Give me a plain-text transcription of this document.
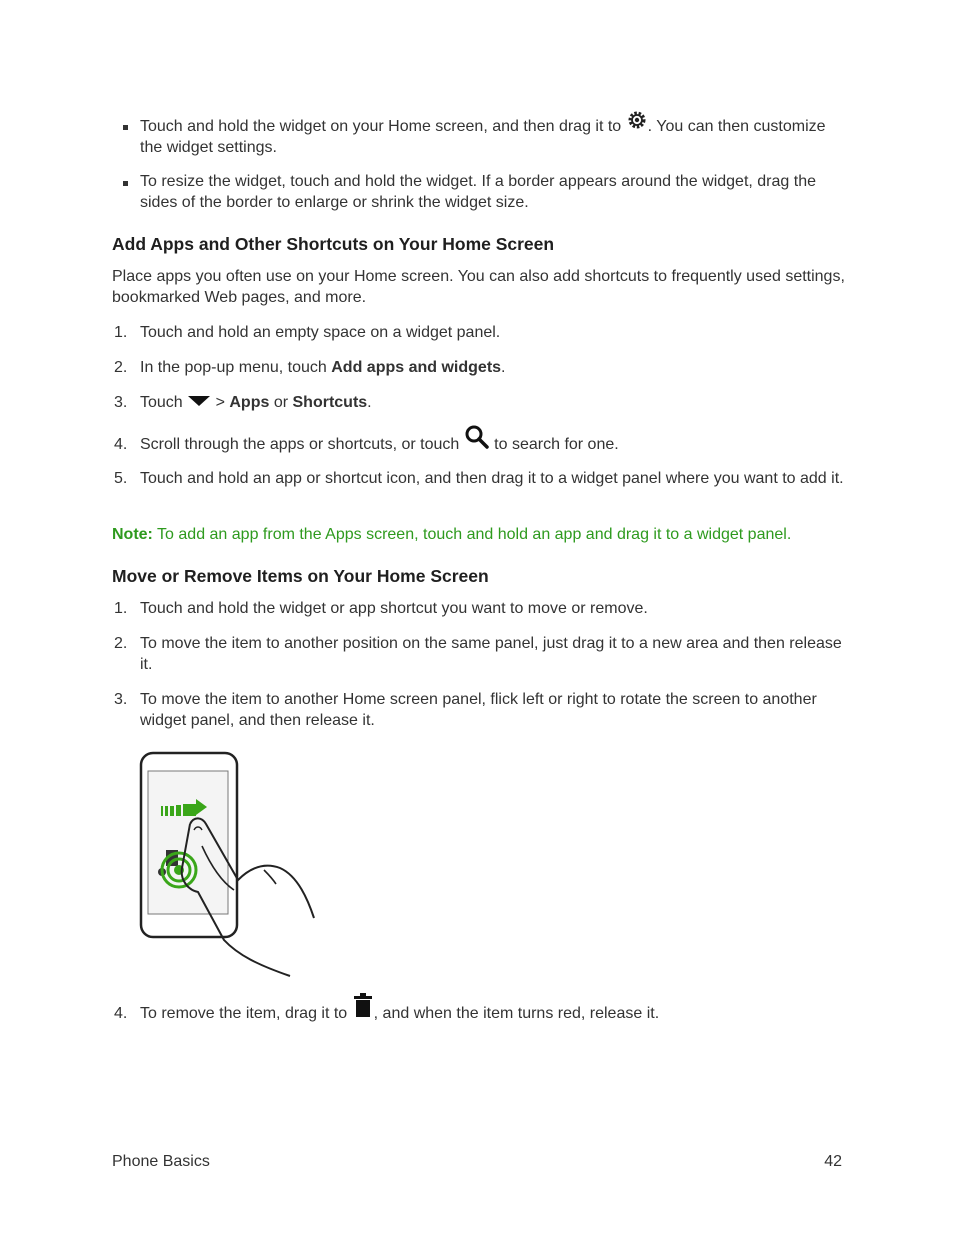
Touch and hold the widget on your Home screen, and then drag it to . You can then customize the widget settings.
To resize the widget, touch and hold the widget. If a border appears around the widget, drag the sides of the border to enlarge or shrink the widget size.
Add Apps and Other Shortcuts on Your Home Screen
Place apps you often use on your Home screen. You can also add shortcuts to frequently used settings, bookmarked Web pages, and more.
1. Touch and hold an empty space on a widget panel.
2. In the pop-up menu, touch Add apps and widgets.
3. Touch  > Apps or Shortcuts.
4. Scroll through the apps or shortcuts, or touch  to search for one.
5. Touch and hold an app or shortcut icon, and then drag it to a widget panel where you want to add it.
Note: To add an app from the Apps screen, touch and hold an app and drag it to a widget panel.
Move or Remove Items on Your Home Screen
1. Touch and hold the widget or app shortcut you want to move or remove.
2. To move the item to another position on the same panel, just drag it to a new area and then release it.
3. To move the item to another Home screen panel, flick left or right to rotate the screen to another widget panel, and then release it.
4. To remove the item, drag it to , and when the item turns red, release it.
Phone Basics	42
